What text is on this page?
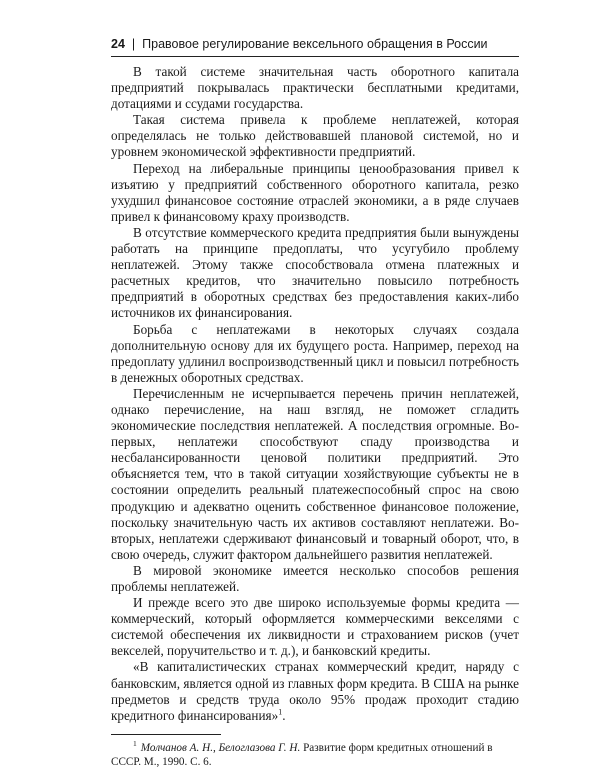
24 | Правовое регулирование вексельного обращения в России

В такой системе значительная часть оборотного капитала предприятий покрывалась практически бесплатными кредитами, дотациями и ссудами государства.

Такая система привела к проблеме неплатежей, которая определялась не только действовавшей плановой системой, но и уровнем экономической эффективности предприятий.

Переход на либеральные принципы ценообразования привел к изъятию у предприятий собственного оборотного капитала, резко ухудшил финансовое состояние отраслей экономики, а в ряде случаев привел к финансовому краху производств.

В отсутствие коммерческого кредита предприятия были вынуждены работать на принципе предоплаты, что усугубило проблему неплатежей. Этому также способствовала отмена платежных и расчетных кредитов, что значительно повысило потребность предприятий в оборотных средствах без предоставления каких-либо источников их финансирования.

Борьба с неплатежами в некоторых случаях создала дополнительную основу для их будущего роста. Например, переход на предоплату удлинил воспроизводственный цикл и повысил потребность в денежных оборотных средствах.

Перечисленным не исчерпывается перечень причин неплатежей, однако перечисление, на наш взгляд, не поможет сгладить экономические последствия неплатежей. А последствия огромные. Во-первых, неплатежи способствуют спаду производства и несбалансированности ценовой политики предприятий. Это объясняется тем, что в такой ситуации хозяйствующие субъекты не в состоянии определить реальный платежеспособный спрос на свою продукцию и адекватно оценить собственное финансовое положение, поскольку значительную часть их активов составляют неплатежи. Во-вторых, неплатежи сдерживают финансовый и товарный оборот, что, в свою очередь, служит фактором дальнейшего развития неплатежей.

В мировой экономике имеется несколько способов решения проблемы неплатежей.

И прежде всего это две широко используемые формы кредита — коммерческий, который оформляется коммерческими векселями с системой обеспечения их ликвидности и страхованием рисков (учет векселей, поручительство и т. д.), и банковский кредиты.

«В капиталистических странах коммерческий кредит, наряду с банковским, является одной из главных форм кредита. В США на рынке предметов и средств труда около 95% продаж проходит стадию кредитного финансирования»$^1$.

$^1$ Молчанов А. Н., Белоглазова Г. Н. Развитие форм кредитных отношений в СССР. М., 1990. С. 6.
